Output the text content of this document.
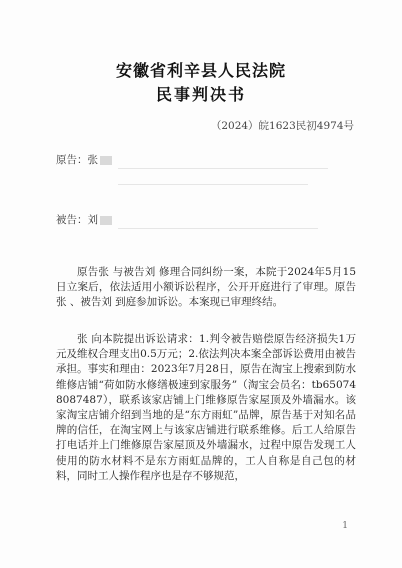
安徽省利辛县人民法院
民事判决书
（2024）皖1623民初4974号
原告：张
被告：刘

原告张 与被告刘 修理合同纠纷一案，本院于2024年5月15日立案后，依法适用小额诉讼程序，公开开庭进行了审理。原告张 、被告刘 到庭参加诉讼。本案现已审理终结。

张 向本院提出诉讼请求：1.判令被告赔偿原告经济损失1万元及维权合理支出0.5万元；2.依法判决本案全部诉讼费用由被告承担。事实和理由：2023年7月28日，原告在淘宝上搜索到防水维修店铺“荷如防水修缮极速到家服务”（淘宝会员名：tb650748087487），联系该家店铺上门维修原告家屋顶及外墙漏水。该家淘宝店铺介绍到当地的是“东方雨虹”品牌，原告基于对知名品牌的信任，在淘宝网上与该家店铺进行联系维修。后工人给原告打电话并上门维修原告家屋顶及外墙漏水，过程中原告发现工人使用的防水材料不是东方雨虹品牌的，工人自称是自己包的材料，同时工人操作程序也是存不够规范，

1
